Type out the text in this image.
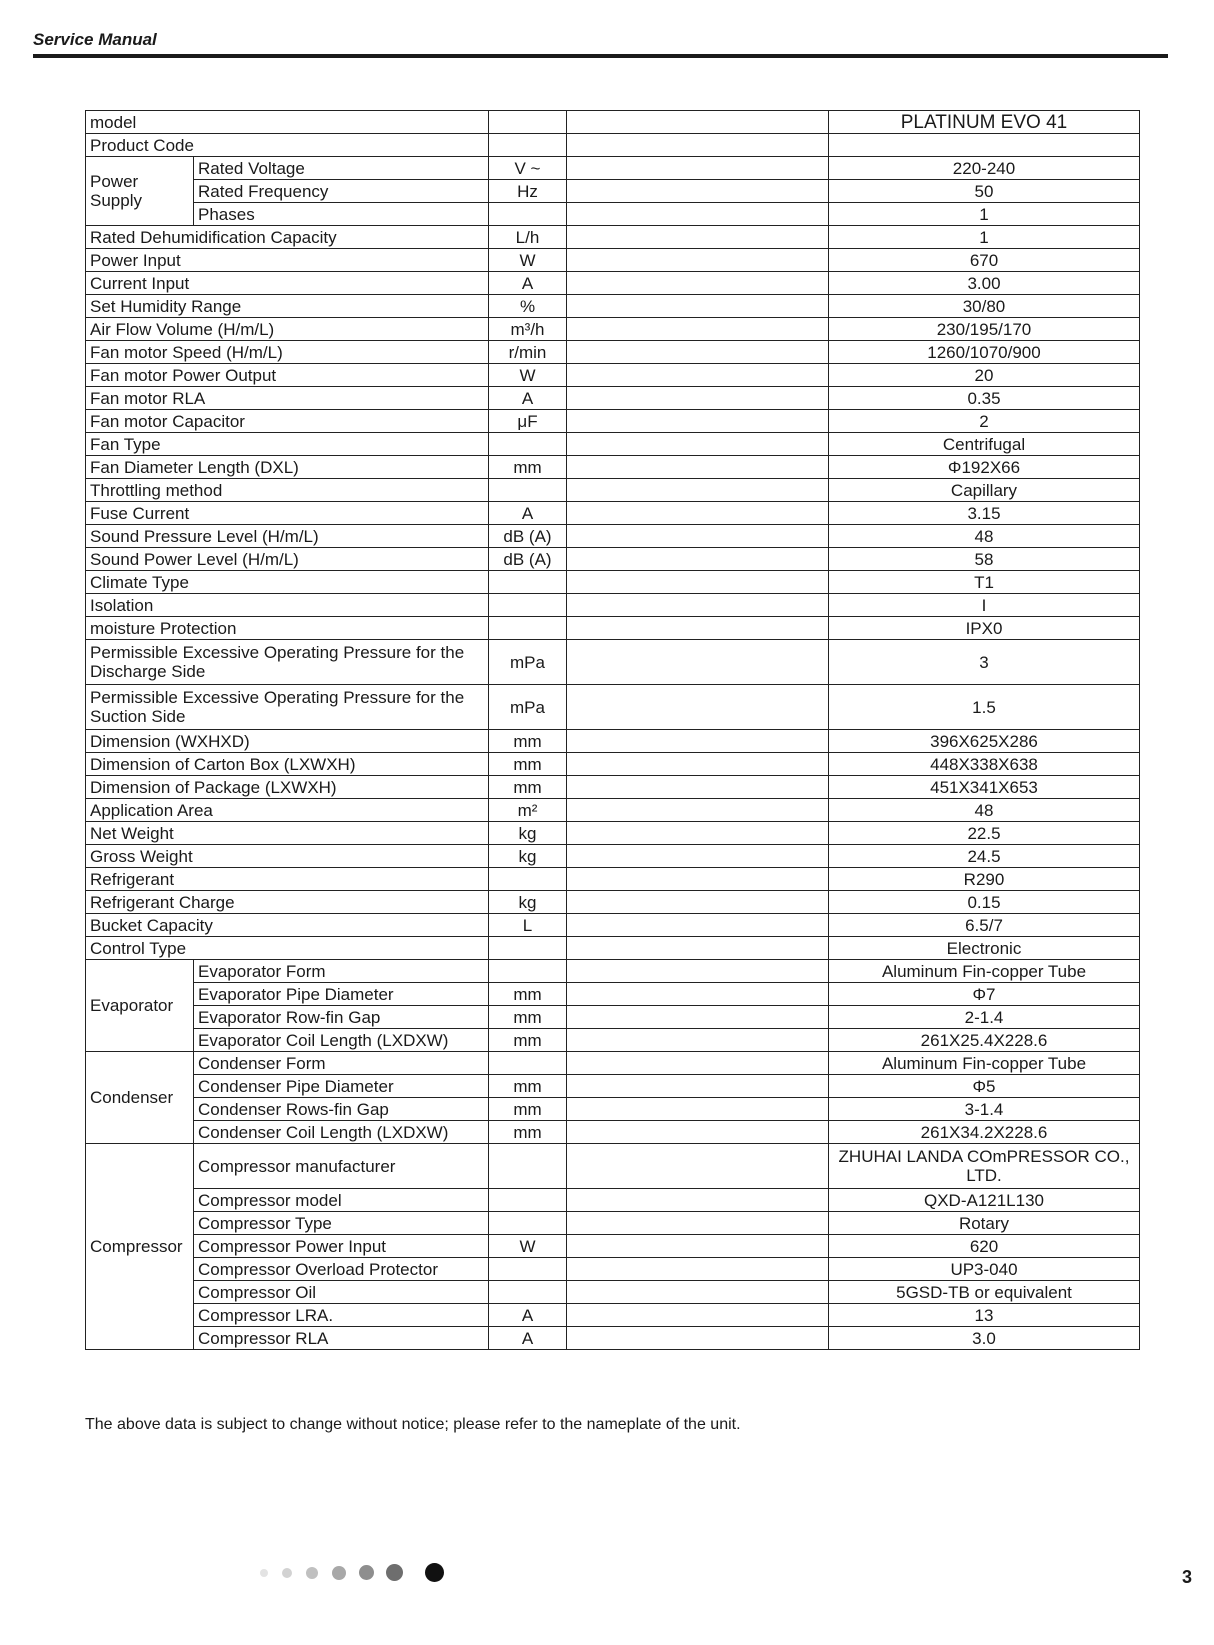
Service Manual
model				PLATINUM EVO 41
Product Code				
Power Supply	Rated Voltage	V ~		220-240
	Rated Frequency	Hz		50
	Phases			1
Rated Dehumidification Capacity		L/h		1
Power Input		W		670
Current Input		A		3.00
Set Humidity Range		%		30/80
Air Flow Volume (H/m/L)		m³/h		230/195/170
Fan motor Speed (H/m/L)		r/min		1260/1070/900
Fan motor Power Output		W		20
Fan motor RLA		A		0.35
Fan motor Capacitor		μF		2
Fan Type				Centrifugal
Fan Diameter Length (DXL)		mm		Φ192X66
Throttling method				Capillary
Fuse Current		A		3.15
Sound Pressure Level (H/m/L)		dB (A)		48
Sound Power Level (H/m/L)		dB (A)		58
Climate Type				T1
Isolation				I
moisture Protection				IPX0
Permissible Excessive Operating Pressure for the Discharge Side		mPa		3
Permissible Excessive Operating Pressure for the Suction Side		mPa		1.5
Dimension (WXHXD)		mm		396X625X286
Dimension of Carton Box (LXWXH)		mm		448X338X638
Dimension of Package (LXWXH)		mm		451X341X653
Application Area		m²		48
Net Weight		kg		22.5
Gross Weight		kg		24.5
Refrigerant				R290
Refrigerant Charge		kg		0.15
Bucket Capacity		L		6.5/7
Control Type				Electronic
Evaporator	Evaporator Form			Aluminum Fin-copper Tube
	Evaporator Pipe Diameter	mm		Φ7
	Evaporator Row-fin Gap	mm		2-1.4
	Evaporator Coil Length (LXDXW)	mm		261X25.4X228.6
Condenser	Condenser Form			Aluminum Fin-copper Tube
	Condenser Pipe Diameter	mm		Φ5
	Condenser Rows-fin Gap	mm		3-1.4
	Condenser Coil Length (LXDXW)	mm		261X34.2X228.6
Compressor	Compressor manufacturer			ZHUHAI LANDA COmPRESSOR CO., LTD.
	Compressor model			QXD-A121L130
	Compressor Type			Rotary
	Compressor Power Input	W		620
	Compressor Overload Protector			UP3-040
	Compressor Oil			5GSD-TB or equivalent
	Compressor LRA.	A		13
	Compressor RLA	A		3.0
The above data is subject to change without notice; please refer to the nameplate of the unit.
3
